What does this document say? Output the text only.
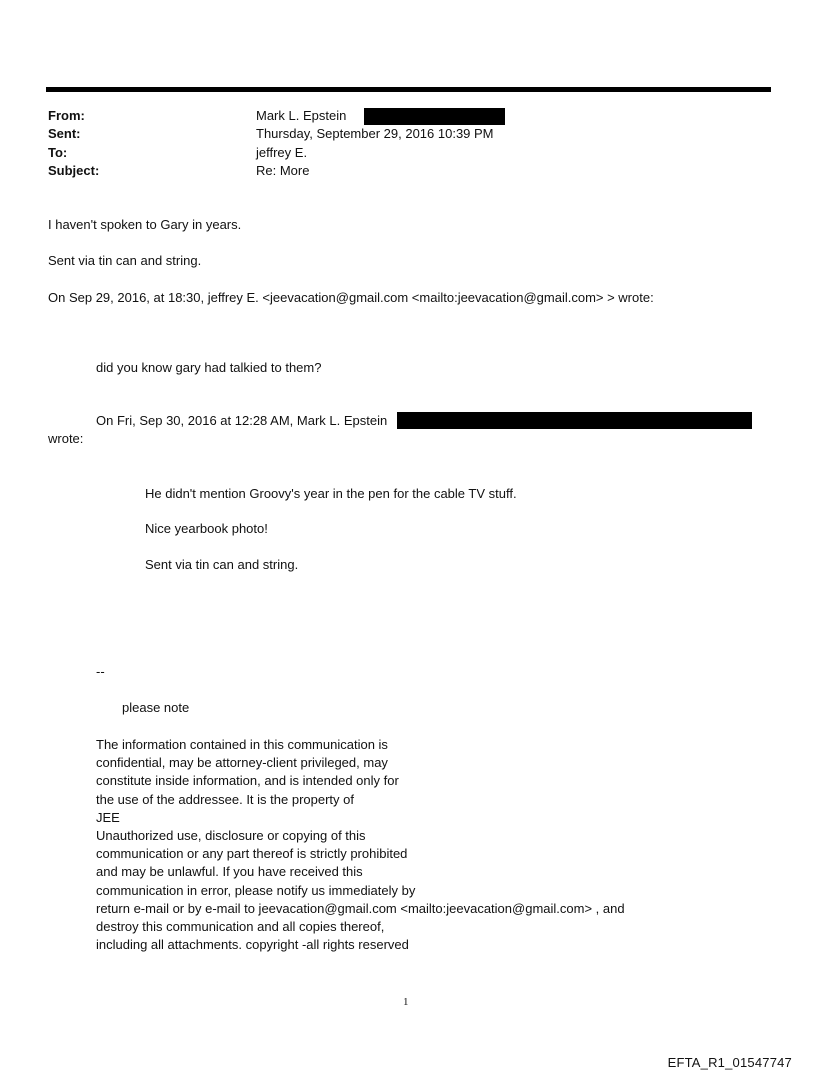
From:	Mark L. Epstein
Sent:	Thursday, September 29, 2016 10:39 PM
To:	jeffrey E.
Subject:	Re: More
I haven't spoken to Gary in years.
Sent via tin can and string.
On Sep 29, 2016, at 18:30, jeffrey E. <jeevacation@gmail.com <mailto:jeevacation@gmail.com> > wrote:
did you know gary had talkied to them?
On Fri, Sep 30, 2016 at 12:28 AM, Mark L. Epstein
wrote:
He didn't mention Groovy's year in the pen for the cable TV stuff.
Nice yearbook photo!
Sent via tin can and string.
--
please note
The information contained in this communication is
confidential, may be attorney-client privileged, may
constitute inside information, and is intended only for
the use of the addressee. It is the property of
JEE
Unauthorized use, disclosure or copying of this
communication or any part thereof is strictly prohibited
and may be unlawful. If you have received this
communication in error, please notify us immediately by
return e-mail or by e-mail to jeevacation@gmail.com <mailto:jeevacation@gmail.com> , and
destroy this communication and all copies thereof,
including all attachments. copyright -all rights reserved
1
EFTA_R1_01547747
